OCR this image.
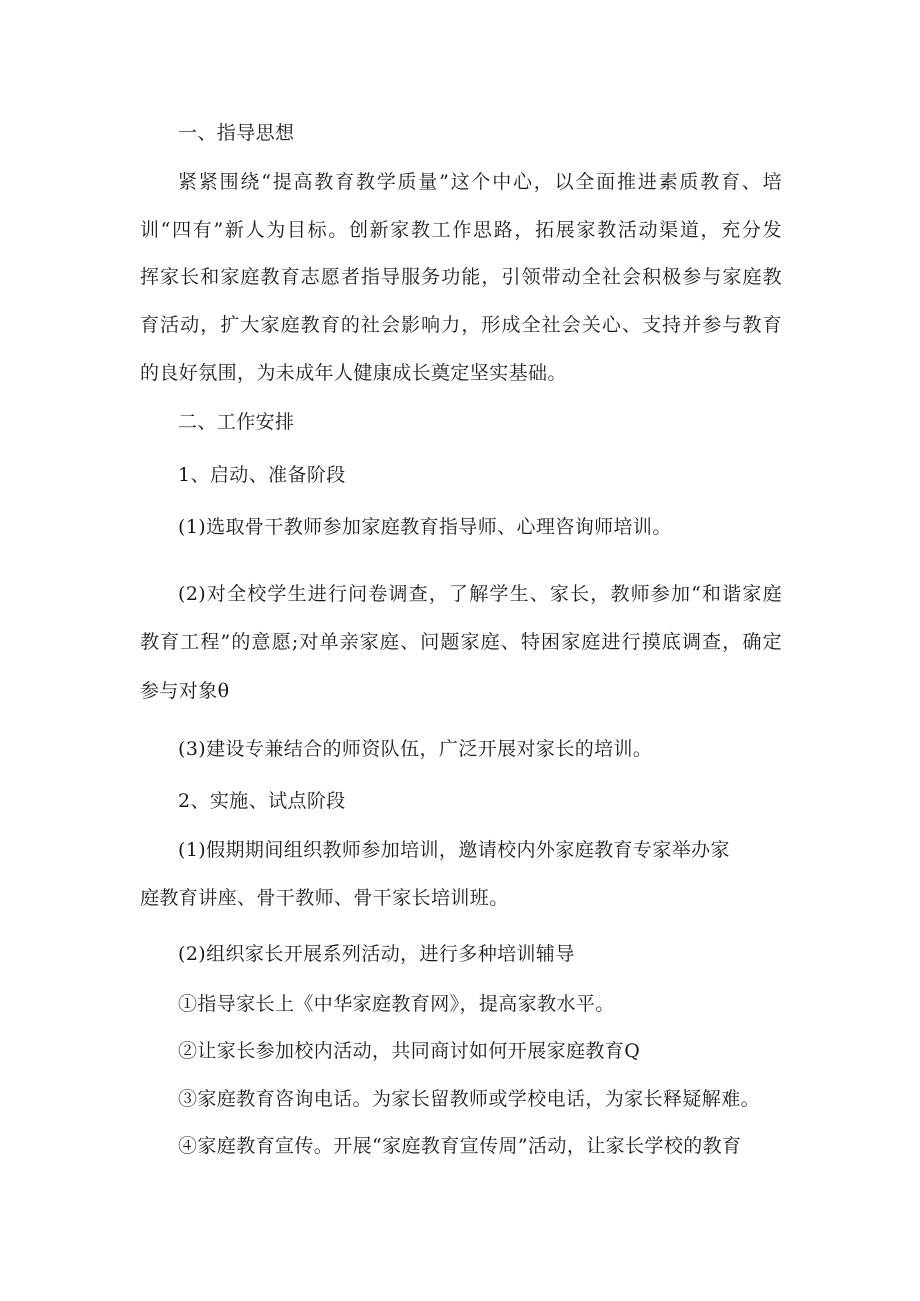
一、指导思想
紧紧围绕“提高教育教学质量”这个中心，以全面推进素质教育、培
训“四有”新人为目标。创新家教工作思路，拓展家教活动渠道，充分发
挥家长和家庭教育志愿者指导服务功能，引领带动全社会积极参与家庭教
育活动，扩大家庭教育的社会影响力，形成全社会关心、支持并参与教育
的良好氛围，为未成年人健康成长奠定坚实基础。
二、工作安排
1、启动、准备阶段
(1)选取骨干教师参加家庭教育指导师、心理咨询师培训。
(2)对全校学生进行问卷调查，了解学生、家长，教师参加“和谐家庭
教育工程”的意愿;对单亲家庭、问题家庭、特困家庭进行摸底调查，确定
参与对象θ
(3)建设专兼结合的师资队伍，广泛开展对家长的培训。
2、实施、试点阶段
(1)假期期间组织教师参加培训，邀请校内外家庭教育专家举办家
庭教育讲座、骨干教师、骨干家长培训班。
(2)组织家长开展系列活动，进行多种培训辅导
①指导家长上《中华家庭教育网》，提高家教水平。
②让家长参加校内活动，共同商讨如何开展家庭教育Q
③家庭教育咨询电话。为家长留教师或学校电话，为家长释疑解难。
④家庭教育宣传。开展“家庭教育宣传周”活动，让家长学校的教育
